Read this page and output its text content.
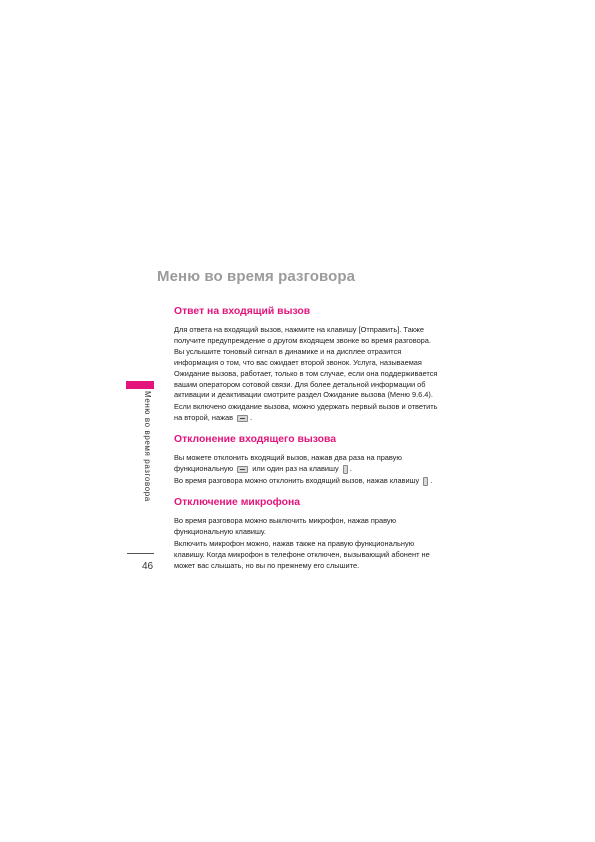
Меню во время разговора
Меню во время разговора
46
Ответ на входящий вызов

Для ответа на входящий вызов, нажмите на клавишу [Отправить]. Также получите предупреждение о другом входящем звонке во время разговора. Вы услышите тоновый сигнал в динамике и на дисплее отразится информация о том, что вас ожидает второй звонок. Услуга, называемая Ожидание вызова, работает, только в том случае, если она поддерживается вашим оператором сотовой связи. Для более детальной информации об активации и деактивации смотрите раздел Ожидание вызова (Меню 9.6.4).

Если включено ожидание вызова, можно удержать первый вызов и ответить на второй, нажав .

Отклонение входящего вызова

Вы можете отклонить входящий вызов, нажав два раза на правую функциональную	или один раз на клавишу .

Во время разговора можно отклонить входящий вызов, нажав клавишу .

Отключение микрофона

Во время разговора можно выключить микрофон, нажав правую функциональную клавишу.

Включить микрофон можно, нажав также на правую функциональную клавишу. Когда микрофон в телефоне отключен, вызывающий абонент не может вас слышать, но вы по прежнему его слышите.
